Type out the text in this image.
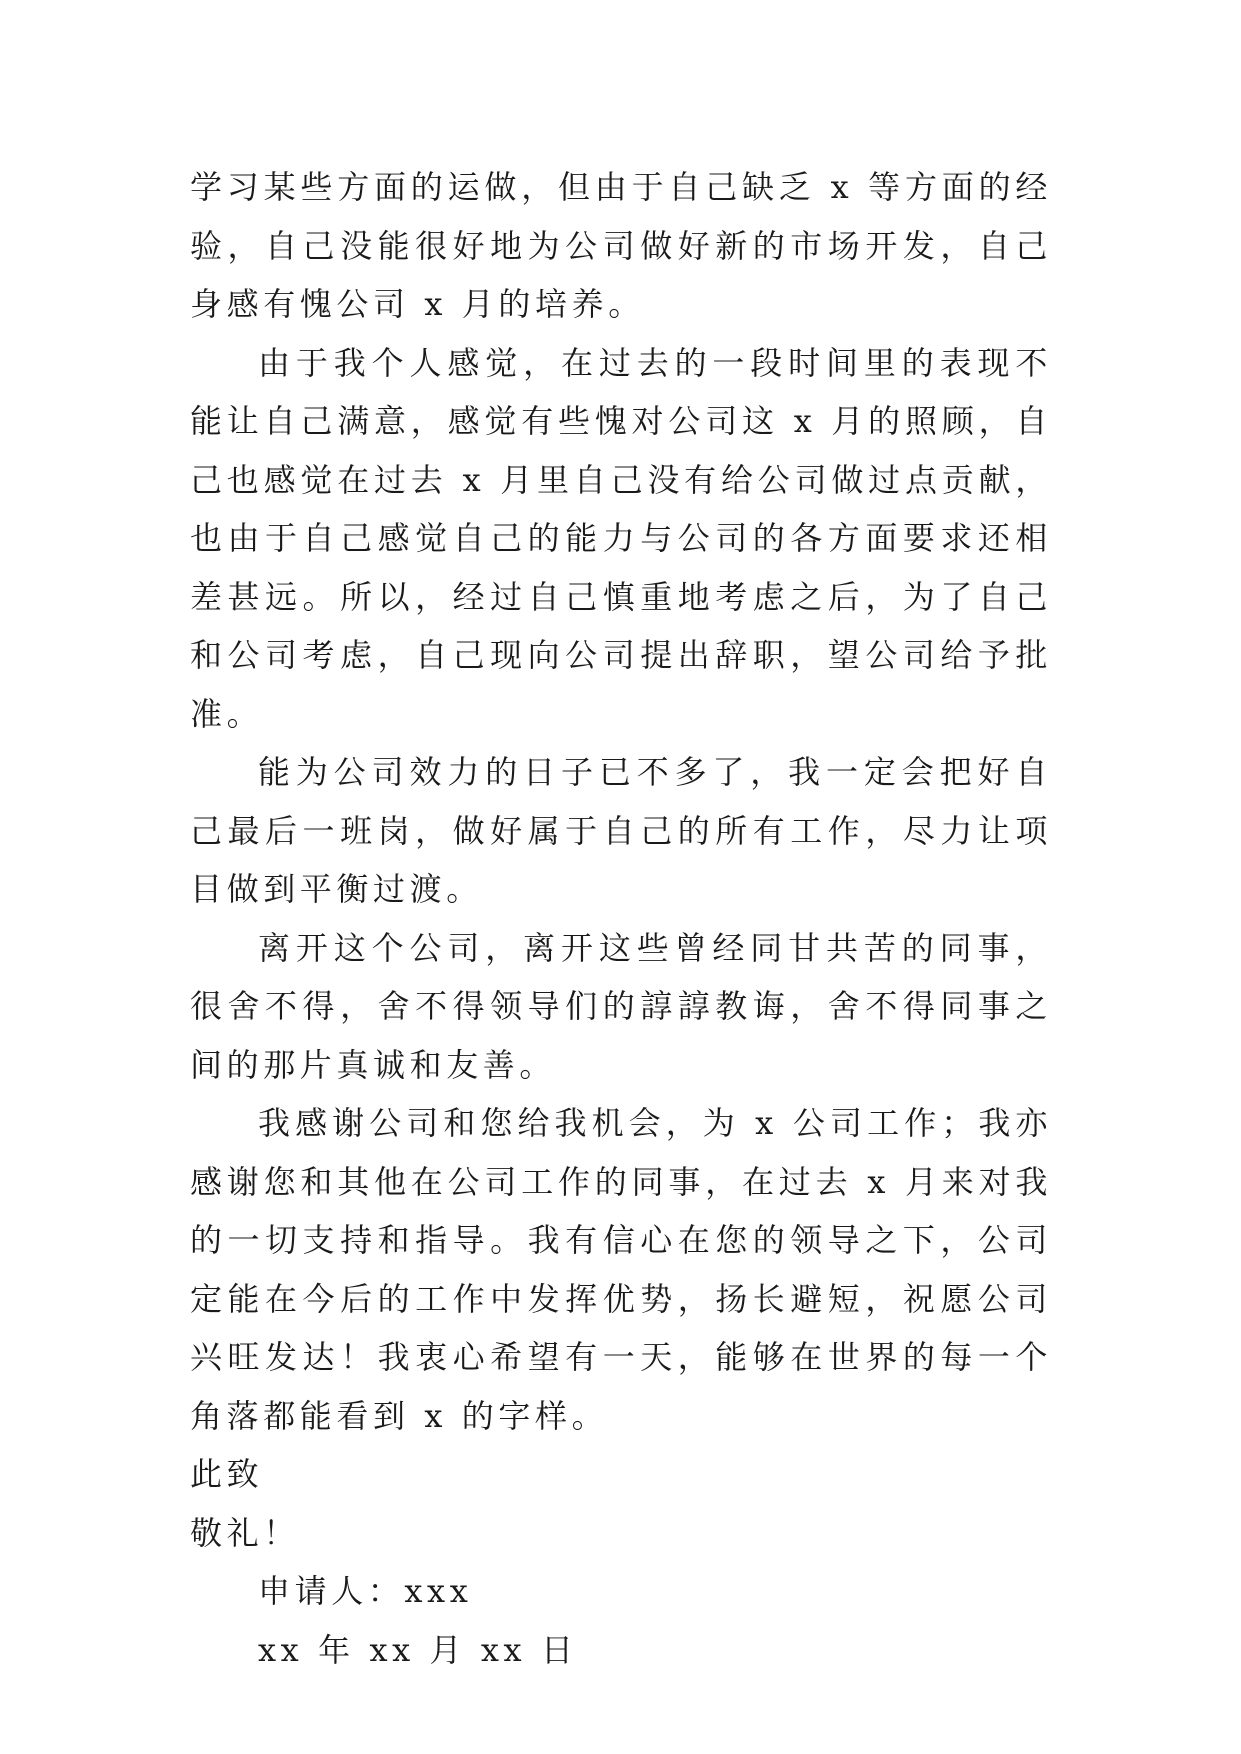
学习某些方面的运做，但由于自己缺乏 x 等方面的经验，自己没能很好地为公司做好新的市场开发，自己身感有愧公司 x 月的培养。

由于我个人感觉，在过去的一段时间里的表现不能让自己满意，感觉有些愧对公司这 x 月的照顾，自己也感觉在过去 x 月里自己没有给公司做过点贡献，也由于自己感觉自己的能力与公司的各方面要求还相差甚远。所以，经过自己慎重地考虑之后，为了自己和公司考虑，自己现向公司提出辞职，望公司给予批准。

能为公司效力的日子已不多了，我一定会把好自己最后一班岗，做好属于自己的所有工作，尽力让项目做到平衡过渡。

离开这个公司，离开这些曾经同甘共苦的同事，很舍不得，舍不得领导们的諄諄教诲，舍不得同事之间的那片真诚和友善。

我感谢公司和您给我机会，为 x 公司工作；我亦感谢您和其他在公司工作的同事，在过去 x 月来对我的一切支持和指导。我有信心在您的领导之下，公司定能在今后的工作中发挥优势，扬长避短，祝愿公司兴旺发达！我衷心希望有一天，能够在世界的每一个角落都能看到 x 的字样。

此致

敬礼！

申请人：xxx

xx 年 xx 月 xx 日
